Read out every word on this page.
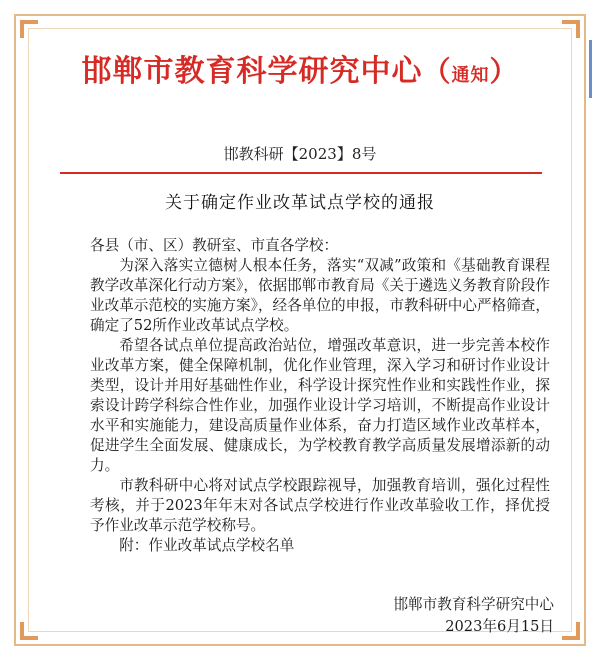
邯郸市教育科学研究中心（通知）
邯教科研【2023】8号
关于确定作业改革试点学校的通报

各县（市、区）教研室、市直各学校：

为深入落实立德树人根本任务，落实“双减”政策和《基础教育课程教学改革深化行动方案》，依据邯郸市教育局《关于遴选义务教育阶段作业改革示范校的实施方案》，经各单位的申报，市教科研中心严格筛查，确定了52所作业改革试点学校。

希望各试点单位提高政治站位，增强改革意识，进一步完善本校作业改革方案，健全保障机制，优化作业管理，深入学习和研讨作业设计类型，设计并用好基础性作业，科学设计探究性作业和实践性作业，探索设计跨学科综合性作业，加强作业设计学习培训，不断提高作业设计水平和实施能力，建设高质量作业体系，奋力打造区域作业改革样本，促进学生全面发展、健康成长，为学校教育教学高质量发展增添新的动力。

市教科研中心将对试点学校跟踪视导，加强教育培训，强化过程性考核，并于2023年年末对各试点学校进行作业改革验收工作，择优授予作业改革示范学校称号。

附：作业改革试点学校名单

邯郸市教育科学研究中心
2023年6月15日
